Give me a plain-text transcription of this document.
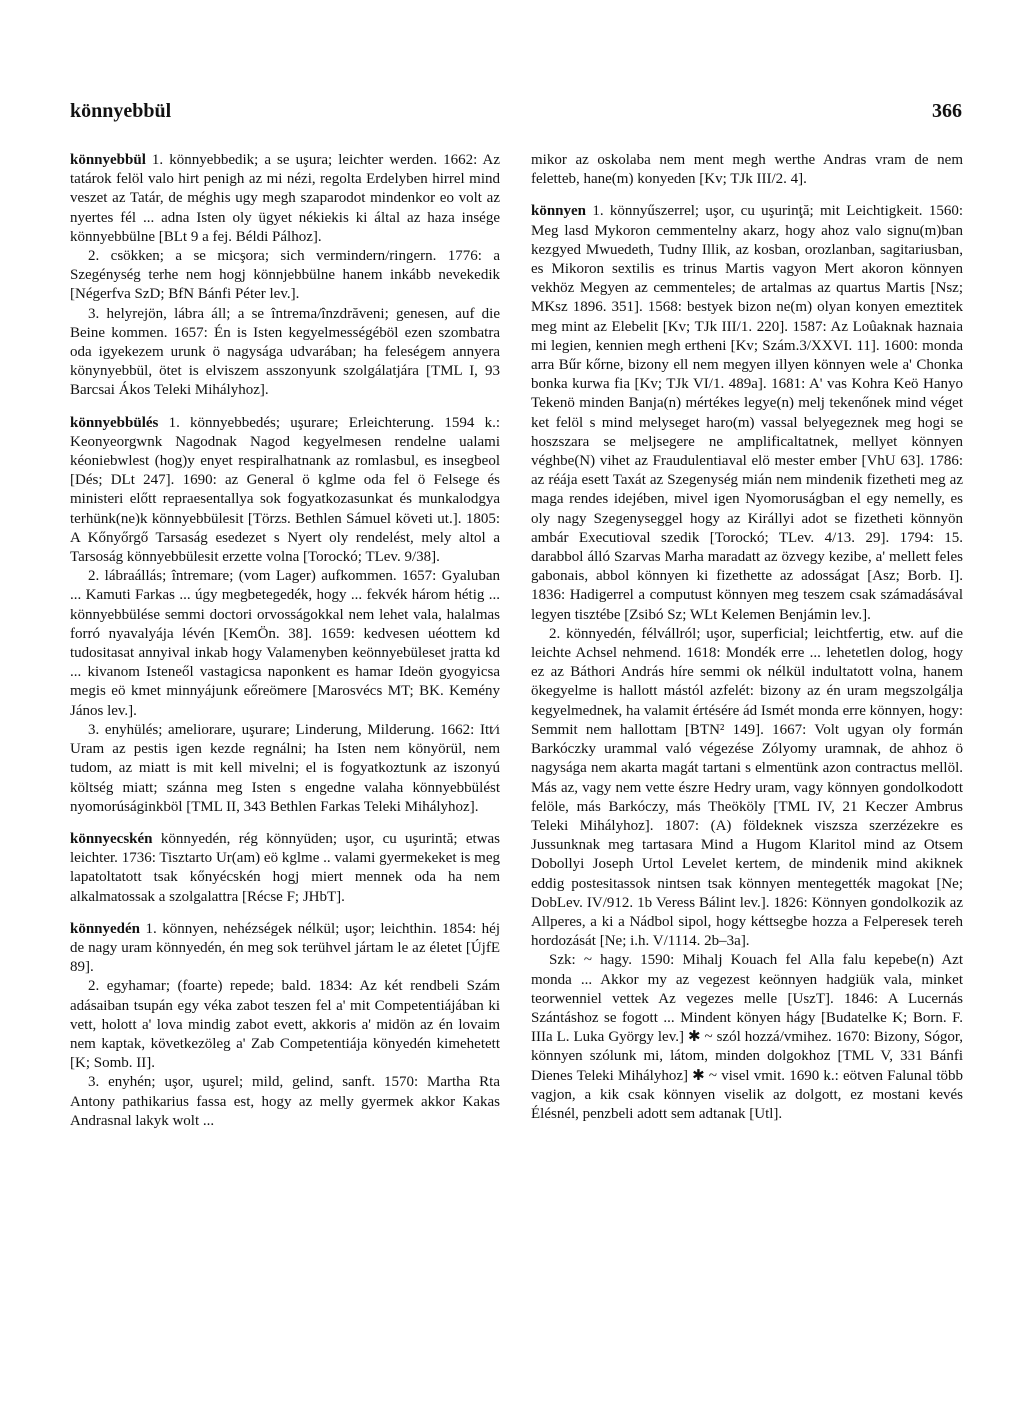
könnyebbül	366

könnyebbül 1. könnyebbedik; a se uşura; leichter werden. 1662: Az tatárok felöl valo hirt penigh az mi nézi, regolta Erdelyben hirrel mind veszet az Tatár, de méghis ugy megh szaparodot mindenkor eo volt az nyertes fél ... adna Isten oly ügyet nékiekis ki által az haza insége könnyebbülne [BLt 9 a fej. Béldi Pálhoz].

2. csökken; a se micşora; sich vermindern/ringern. 1776: a Szegénység terhe nem hogj könnjebbülne hanem inkább nevekedik [Négerfva SzD; BfN Bánfi Péter lev.].

3. helyrejön, lábra áll; a se întrema/înzdrăveni; genesen, auf die Beine kommen. 1657: Én is Isten kegyelmességéböl ezen szombatra oda igyekezem urunk ö nagysága udvarában; ha feleségem annyera könynyebbül, ötet is elviszem asszonyunk szolgálatjára [TML I, 93 Barcsai Ákos Teleki Mihályhoz].

könnyebbülés 1. könnyebbedés; uşurare; Erleichterung. 1594 k.: Keonyeorgwnk Nagodnak Nagod kegyelmesen rendelne ualami kéoniebwlest (hog)y enyet respiralhatnank az romlasbul, es insegbeol [Dés; DLt 247]. 1690: az General ö kglme oda fel ö Felsege és ministeri előtt repraesentallya sok fogyatkozasunkat és munkalodgya terhünk(ne)k könnyebbülesit [Törzs. Bethlen Sámuel követi ut.]. 1805: A Kőnyőrgő Tarsaság esedezet s Nyert oly rendelést, mely altol a Tarsoság könnyebbülesit erzette volna [Torockó; TLev. 9/38].

2. lábraállás; întremare; (vom Lager) aufkommen. 1657: Gyaluban ... Kamuti Farkas ... úgy megbetegedék, hogy ... fekvék három hétig ... könnyebbülése semmi doctori orvosságokkal nem lehet vala, halalmas forró nyavalyája lévén [KemÖn. 38]. 1659: kedvesen uéottem kd tudositasat annyival inkab hogy Valamenyben keönnyebüleset jratta kd ... kivanom Isteneől vastagicsa naponkent es hamar Ideön gyogyicsa megis eö kmet minnyájunk eőreömere [Marosvécs MT; BK. Kemény János lev.].

3. enyhülés; ameliorare, uşurare; Linderung, Milderung. 1662: Itt⁄ı Uram az pestis igen kezde regnálni; ha Isten nem könyörül, nem tudom, az miatt is mit kell mivelni; el is fogyatkoztunk az iszonyú költség miatt; szánna meg Isten s engedne valaha könnyebbülést nyomorúságinkböl [TML II, 343 Bethlen Farkas Teleki Mihályhoz].

könnyecskén könnyedén, rég könnyüden; uşor, cu uşurintă; etwas leichter. 1736: Tisztarto Ur(am) eö kglme .. valami gyermekeket is meg lapatoltatott tsak kőnyécskén hogj miert mennek oda ha nem alkalmatossak a szolgalattra [Récse F; JHbT].

könnyedén 1. könnyen, nehézségek nélkül; uşor; leichthin. 1854: héj de nagy uram könnyedén, én meg sok terühvel jártam le az életet [ÚjfE 89].

2. egyhamar; (foarte) repede; bald. 1834: Az két rendbeli Szám adásaiban tsupán egy véka zabot teszen fel a' mit Competentiájában ki vett, holott a' lova mindig zabot evett, akkoris a' midön az én lovaim nem kaptak, következöleg a' Zab Competentiája könyedén kimehetett [K; Somb. II].

3. enyhén; uşor, uşurel; mild, gelind, sanft. 1570: Martha Rta Antony pathikarius fassa est, hogy az melly gyermek akkor Kakas Andrasnal lakyk wolt ...

mikor az oskolaba nem ment megh werthe Andras vram de nem feletteb, hane(m) konyeden [Kv; TJk III/2. 4].

könnyen 1. könnyűszerrel; uşor, cu uşurinţă; mit Leichtigkeit. 1560: Meg lasd Mykoron cemmentelny akarz, hogy ahoz valo signu(m)ban kezgyed Mwuedeth, Tudny Illik, az kosban, orozlanban, sagitariusban, es Mikoron sextilis es trinus Martis vagyon Mert akoron könnyen vekhöz Megyen az cemmenteles; de artalmas az quartus Martis [Nsz; MKsz 1896. 351]. 1568: bestyek bizon ne(m) olyan konyen emeztitek meg mint az Elebelit [Kv; TJk III/1. 220]. 1587: Az Loûaknak haznaia mi legien, kennien megh ertheni [Kv; Szám.3/XXVI. 11]. 1600: monda arra Bűr kőrne, bizony ell nem megyen illyen könnyen wele a' Chonka bonka kurwa fia [Kv; TJk VI/1. 489a]. 1681: A' vas Kohra Keö Hanyo Tekenö minden Banja(n) mértékes legye(n) melj tekenőnek mind véget ket felöl s mind melyseget haro(m) vassal belyegeznek meg hogi se hoszszara se meljsegere ne amplificaltatnek, mellyet könnyen véghbe(N) vihet az Fraudulentiaval elö mester ember [VhU 63]. 1786: az réája esett Taxát az Szegenység mián nem mindenik fizetheti meg az maga rendes idejében, mivel igen Nyomoruságban el egy nemelly, es oly nagy Szegenyseggel hogy az Királlyi adot se fizetheti könnyön ambár Executioval szedik [Torockó; TLev. 4/13. 29]. 1794: 15. darabbol álló Szarvas Marha maradatt az özvegy kezibe, a' mellett feles gabonais, abbol könnyen ki fizethette az adosságat [Asz; Borb. I]. 1836: Hadigerrel a computust könnyen meg teszem csak számadásával legyen tisztébe [Zsibó Sz; WLt Kelemen Benjámin lev.].

2. könnyedén, félvállról; uşor, superficial; leichtfertig, etw. auf die leichte Achsel nehmend. 1618: Mondék erre ... lehetetlen dolog, hogy ez az Báthori András híre semmi ok nélkül indultatott volna, hanem ökegyelme is hallott mástól azfelét: bizony az én uram megszolgálja kegyelmednek, ha valamit értésére ád Ismét monda erre könnyen, hogy: Semmit nem hallottam [BTN² 149]. 1667: Volt ugyan oly formán Barkóczky urammal való végezése Zólyomy uramnak, de ahhoz ö nagysága nem akarta magát tartani s elmentünk azon contractus mellöl. Más az, vagy nem vette észre Hedry uram, vagy könnyen gondolkodott felöle, más Barkóczy, más Theököly [TML IV, 21 Keczer Ambrus Teleki Mihályhoz]. 1807: (A) földeknek viszsza szerzézekre es Jussunknak meg tartasara Mind a Hugom Klaritol mind az Otsem Dobollyi Joseph Urtol Levelet kertem, de mindenik mind akiknek eddig postesitassok nintsen tsak könnyen mentegették magokat [Ne; DobLev. IV/912. 1b Veress Bálint lev.]. 1826: Könnyen gondolkozik az Allperes, a ki a Nádbol sipol, hogy kéttsegbe hozza a Felperesek tereh hordozását [Ne; i.h. V/1114. 2b–3a].

Szk: ~ hagy. 1590: Mihalj Kouach fel Alla falu kepebe(n) Azt monda ... Akkor my az vegezest keönnyen hadgiük vala, minket teorwenniel vettek Az vegezes melle [UszT]. 1846: A Lucernás Szántáshoz se fogott ... Mindent könyen hágy [Budatelke K; Born. F. IIIa L. Luka György lev.] ✱ ~ szól hozzá/vmihez. 1670: Bizony, Sógor, könnyen szólunk mi, látom, minden dolgokhoz [TML V, 331 Bánfi Dienes Teleki Mihályhoz] ✱ ~ visel vmit. 1690 k.: eötven Falunal több vagjon, a kik csak könnyen viselik az dolgott, ez mostani kevés Élésnél, penzbeli adott sem adtanak [Utl].
